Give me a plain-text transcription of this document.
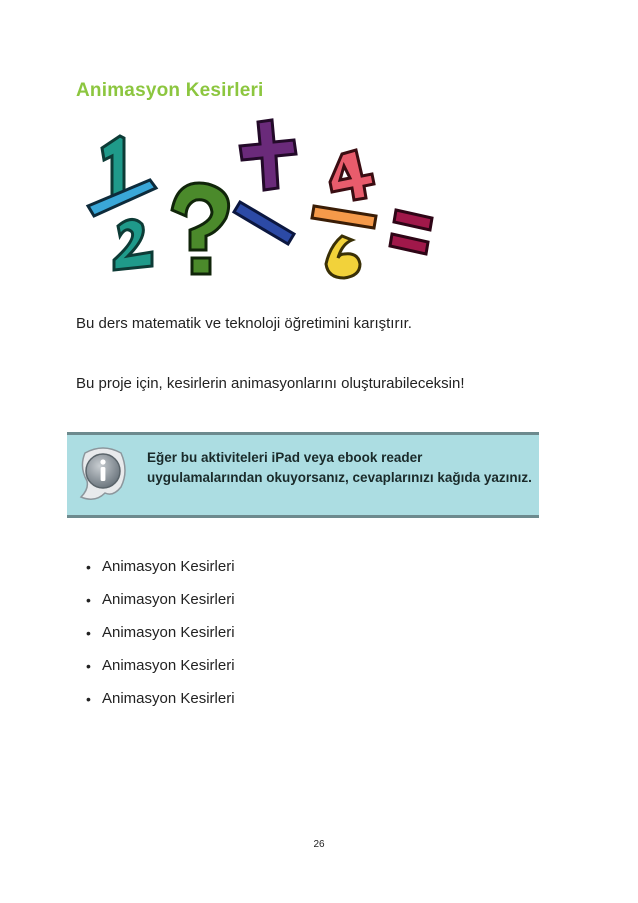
Animasyon Kesirleri
Bu ders matematik ve teknoloji öğretimini karıştırır.
Bu proje için, kesirlerin animasyonlarını oluşturabileceksin!
Eğer bu aktiviteleri iPad veya ebook reader uygulamalarından okuyorsanız, cevaplarınızı kağıda yazınız.
• Animasyon Kesirleri
• Animasyon Kesirleri
• Animasyon Kesirleri
• Animasyon Kesirleri
• Animasyon Kesirleri
26
